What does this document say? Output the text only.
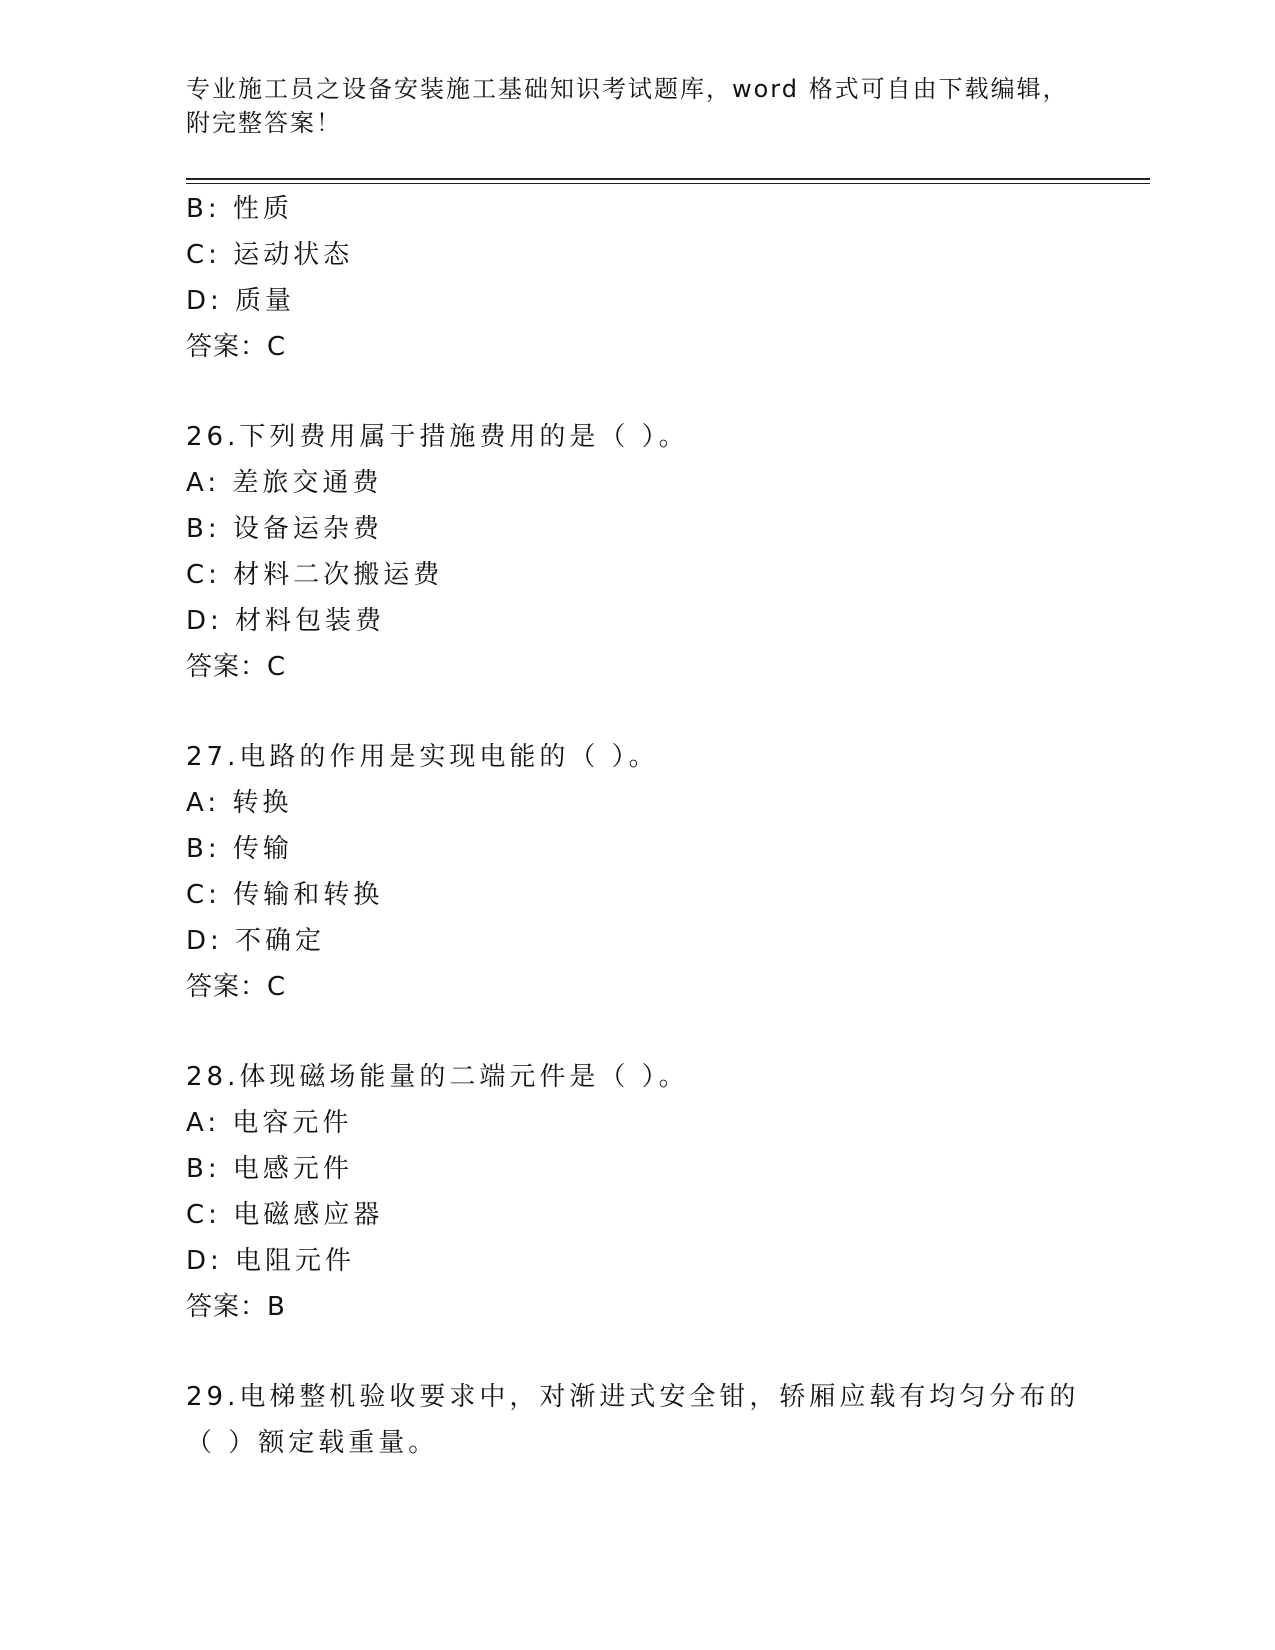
专业施工员之设备安装施工基础知识考试题库，word 格式可自由下载编辑，附完整答案！
B: 性质
C: 运动状态
D: 质量
答案：C
26.下列费用属于措施费用的是（ ）。
A: 差旅交通费
B: 设备运杂费
C: 材料二次搬运费
D: 材料包装费
答案：C
27.电路的作用是实现电能的（ ）。
A: 转换
B: 传输
C: 传输和转换
D: 不确定
答案：C
28.体现磁场能量的二端元件是（ ）。
A: 电容元件
B: 电感元件
C: 电磁感应器
D: 电阻元件
答案：B
29.电梯整机验收要求中，对渐进式安全钳，轿厢应载有均匀分布的（ ）额定载重量。
